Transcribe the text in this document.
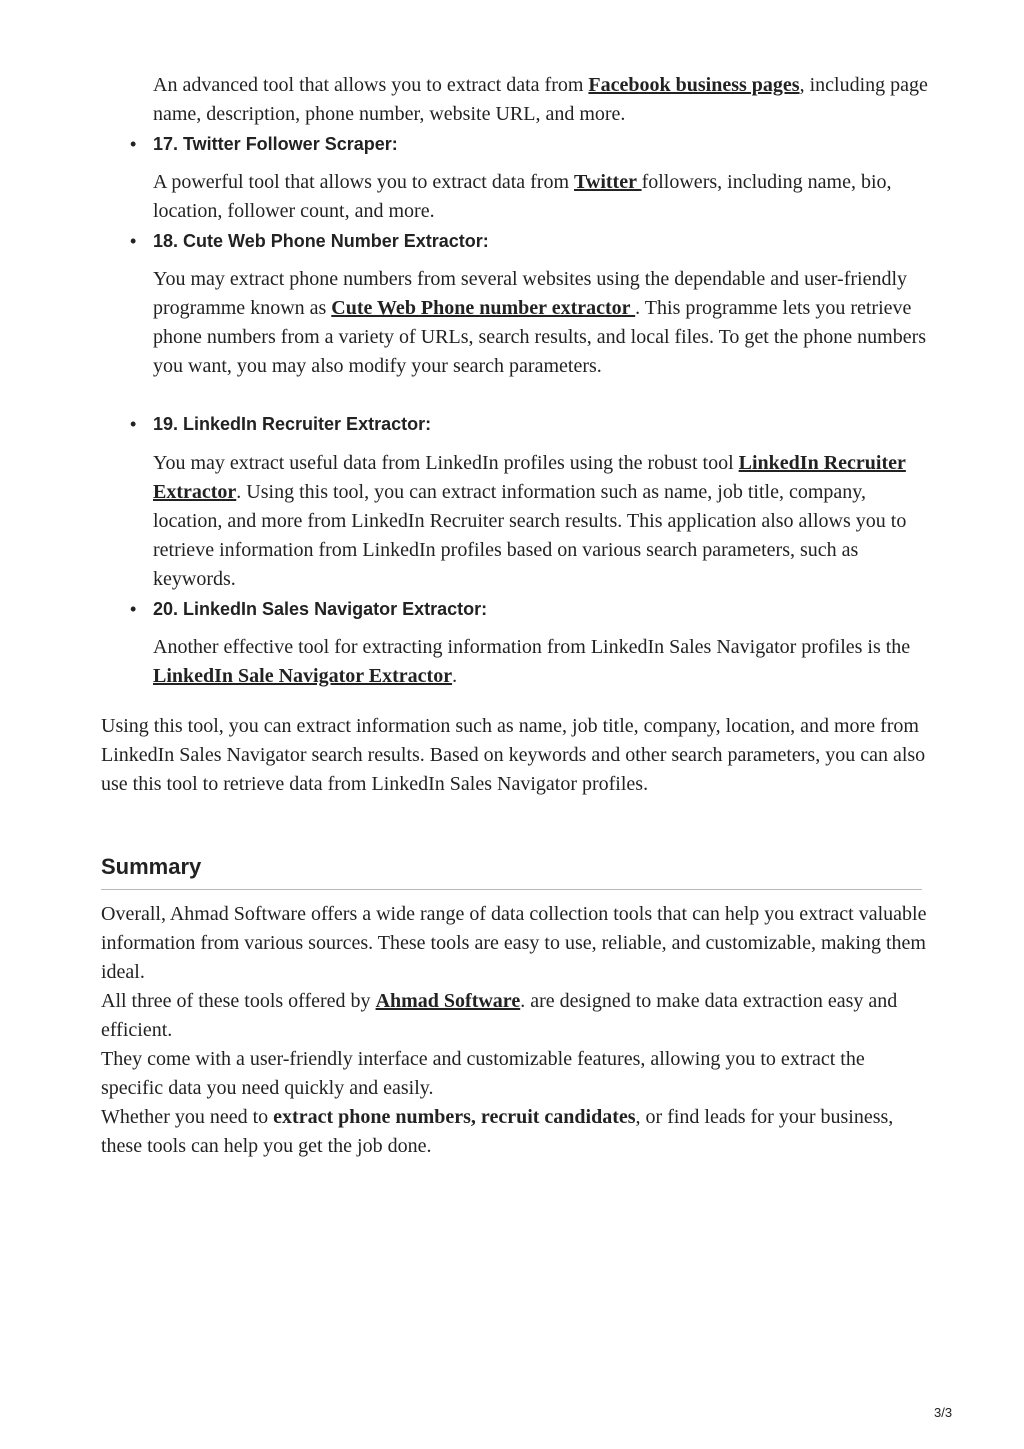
An advanced tool that allows you to extract data from Facebook business pages, including page name, description, phone number, website URL, and more.

• 17. Twitter Follower Scraper:

A powerful tool that allows you to extract data from Twitter followers, including name, bio, location, follower count, and more.

• 18. Cute Web Phone Number Extractor:

You may extract phone numbers from several websites using the dependable and user-friendly programme known as Cute Web Phone number extractor . This programme lets you retrieve phone numbers from a variety of URLs, search results, and local files. To get the phone numbers you want, you may also modify your search parameters.

• 19. LinkedIn Recruiter Extractor:

You may extract useful data from LinkedIn profiles using the robust tool LinkedIn Recruiter Extractor. Using this tool, you can extract information such as name, job title, company, location, and more from LinkedIn Recruiter search results. This application also allows you to retrieve information from LinkedIn profiles based on various search parameters, such as keywords.

• 20. LinkedIn Sales Navigator Extractor:

Another effective tool for extracting information from LinkedIn Sales Navigator profiles is the LinkedIn Sale Navigator Extractor.

Using this tool, you can extract information such as name, job title, company, location, and more from LinkedIn Sales Navigator search results. Based on keywords and other search parameters, you can also use this tool to retrieve data from LinkedIn Sales Navigator profiles.

Summary
Overall, Ahmad Software offers a wide range of data collection tools that can help you extract valuable information from various sources. These tools are easy to use, reliable, and customizable, making them ideal.
All three of these tools offered by Ahmad Software. are designed to make data extraction easy and efficient.
They come with a user-friendly interface and customizable features, allowing you to extract the specific data you need quickly and easily.
Whether you need to extract phone numbers, recruit candidates, or find leads for your business, these tools can help you get the job done.
3/3
